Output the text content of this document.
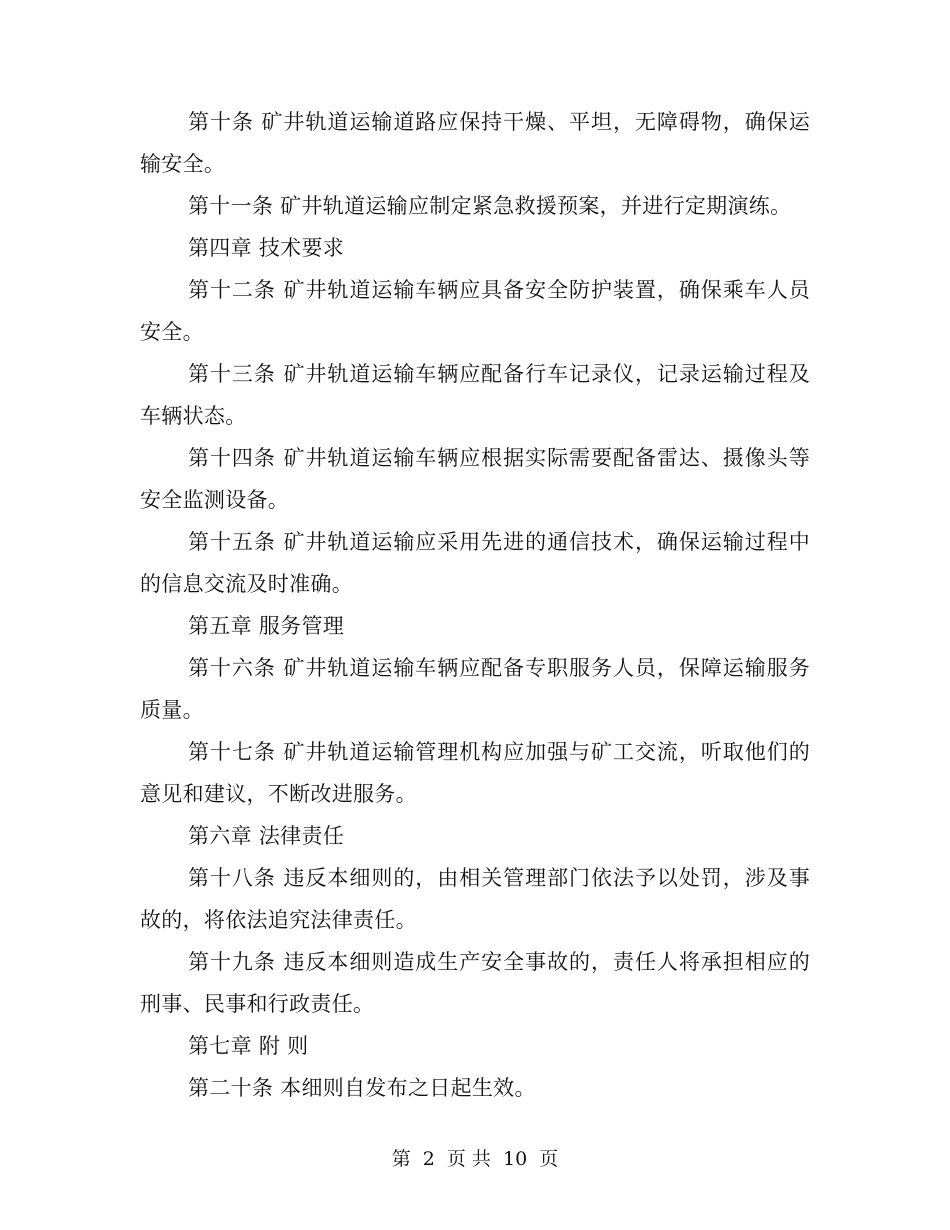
第十条 矿井轨道运输道路应保持干燥、平坦，无障碍物，确保运输安全。

第十一条 矿井轨道运输应制定紧急救援预案，并进行定期演练。

第四章 技术要求

第十二条 矿井轨道运输车辆应具备安全防护装置，确保乘车人员安全。

第十三条 矿井轨道运输车辆应配备行车记录仪，记录运输过程及车辆状态。

第十四条 矿井轨道运输车辆应根据实际需要配备雷达、摄像头等安全监测设备。

第十五条 矿井轨道运输应采用先进的通信技术，确保运输过程中的信息交流及时准确。

第五章 服务管理

第十六条 矿井轨道运输车辆应配备专职服务人员，保障运输服务质量。

第十七条 矿井轨道运输管理机构应加强与矿工交流，听取他们的意见和建议，不断改进服务。

第六章 法律责任

第十八条 违反本细则的，由相关管理部门依法予以处罚，涉及事故的，将依法追究法律责任。

第十九条 违反本细则造成生产安全事故的，责任人将承担相应的刑事、民事和行政责任。

第七章 附 则

第二十条 本细则自发布之日起生效。

第 2 页 共 10 页
